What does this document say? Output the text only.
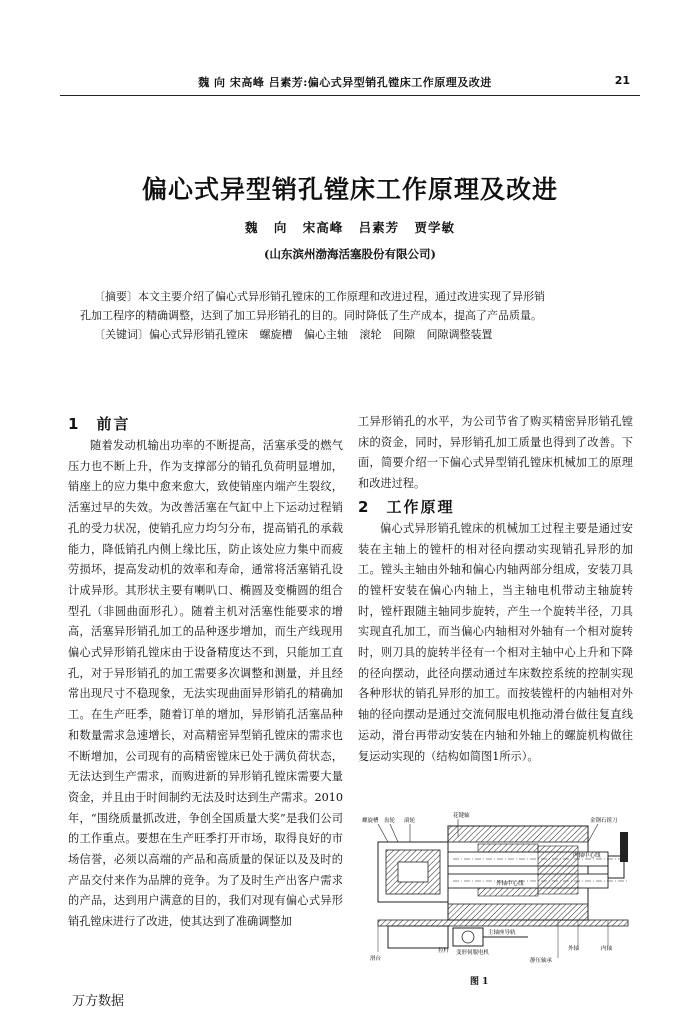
魏 向 宋高峰 吕素芳:偏心式异型销孔镗床工作原理及改进	21
偏心式异型销孔镗床工作原理及改进
魏 向 宋高峰 吕素芳 贾学敏
(山东滨州渤海活塞股份有限公司)

〔摘要〕本文主要介绍了偏心式异形销孔镗床的工作原理和改进过程，通过改进实现了异形销

孔加工程序的精确调整，达到了加工异形销孔的目的。同时降低了生产成本，提高了产品质量。

〔关键词〕偏心式异形销孔镗床 螺旋槽 偏心主轴 滚轮 间隙 间隙调整装置

1 前言

随着发动机输出功率的不断提高，活塞承受的燃气压力也不断上升，作为支撑部分的销孔负荷明显增加，销座上的应力集中愈来愈大，致使销座内端产生裂纹，活塞过早的失效。为改善活塞在气缸中上下运动过程销孔的受力状况，使销孔应力均匀分布，提高销孔的承载能力，降低销孔内侧上缘比压，防止该处应力集中而疲劳损坏，提高发动机的效率和寿命，通常将活塞销孔设计成异形。其形状主要有喇叭口、椭圆及变椭圆的组合型孔（非圆曲面形孔）。随着主机对活塞性能要求的增高，活塞异形销孔加工的品种逐步增加，而生产线现用偏心式异形销孔镗床由于设备精度达不到，只能加工直孔，对于异形销孔的加工需要多次调整和测量，并且经常出现尺寸不稳现象，无法实现曲面异形销孔的精确加工。在生产旺季，随着订单的增加，异形销孔活塞品种和数量需求急速增长，对高精密异型销孔镗床的需求也不断增加，公司现有的高精密镗床已处于满负荷状态，无法达到生产需求，而购进新的异形销孔镗床需要大量资金，并且由于时间制约无法及时达到生产需求。2010年，“围绕质量抓改进，争创全国质量大奖”是我们公司的工作重点。要想在生产旺季打开市场，取得良好的市场信誉，必须以高端的产品和高质量的保证以及及时的产品交付来作为品牌的竞争。为了及时生产出客户需求的产品，达到用户满意的目的，我们对现有偏心式异形销孔镗床进行了改进，使其达到了准确调整加

工异形销孔的水平，为公司节省了购买精密异形销孔镗床的资金，同时，异形销孔加工质量也得到了改善。下面，简要介绍一下偏心式异型销孔镗床机械加工的原理和改进过程。

2 工作原理

偏心式异形销孔镗床的机械加工过程主要是通过安装在主轴上的镗杆的相对径向摆动实现销孔异形的加工。镗头主轴由外轴和偏心内轴两部分组成，安装刀具的镗杆安装在偏心内轴上，当主轴电机带动主轴旋转时，镗杆跟随主轴同步旋转，产生一个旋转半径，刀具实现直孔加工，而当偏心内轴相对外轴有一个相对旋转时，则刀具的旋转半径有一个相对主轴中心上升和下降的径向摆动，此径向摆动通过车床数控系统的控制实现各种形状的销孔异形的加工。而按装镗杆的内轴相对外轴的径向摆动是通过交流伺服电机拖动滑台做往复直线运动，滑台再带动安装在内轴和外轴上的螺旋机构做往复运动实现的（结构如简图1所示）。

螺旋槽 齿轮 滚轮
花键轴
金钢石镗刀
内轴中心线
外轴中心线
主轴座导轨
滑台
拉杆 变形伺服电机
静压轴承
外轴	内轴
图 1
万方数据
